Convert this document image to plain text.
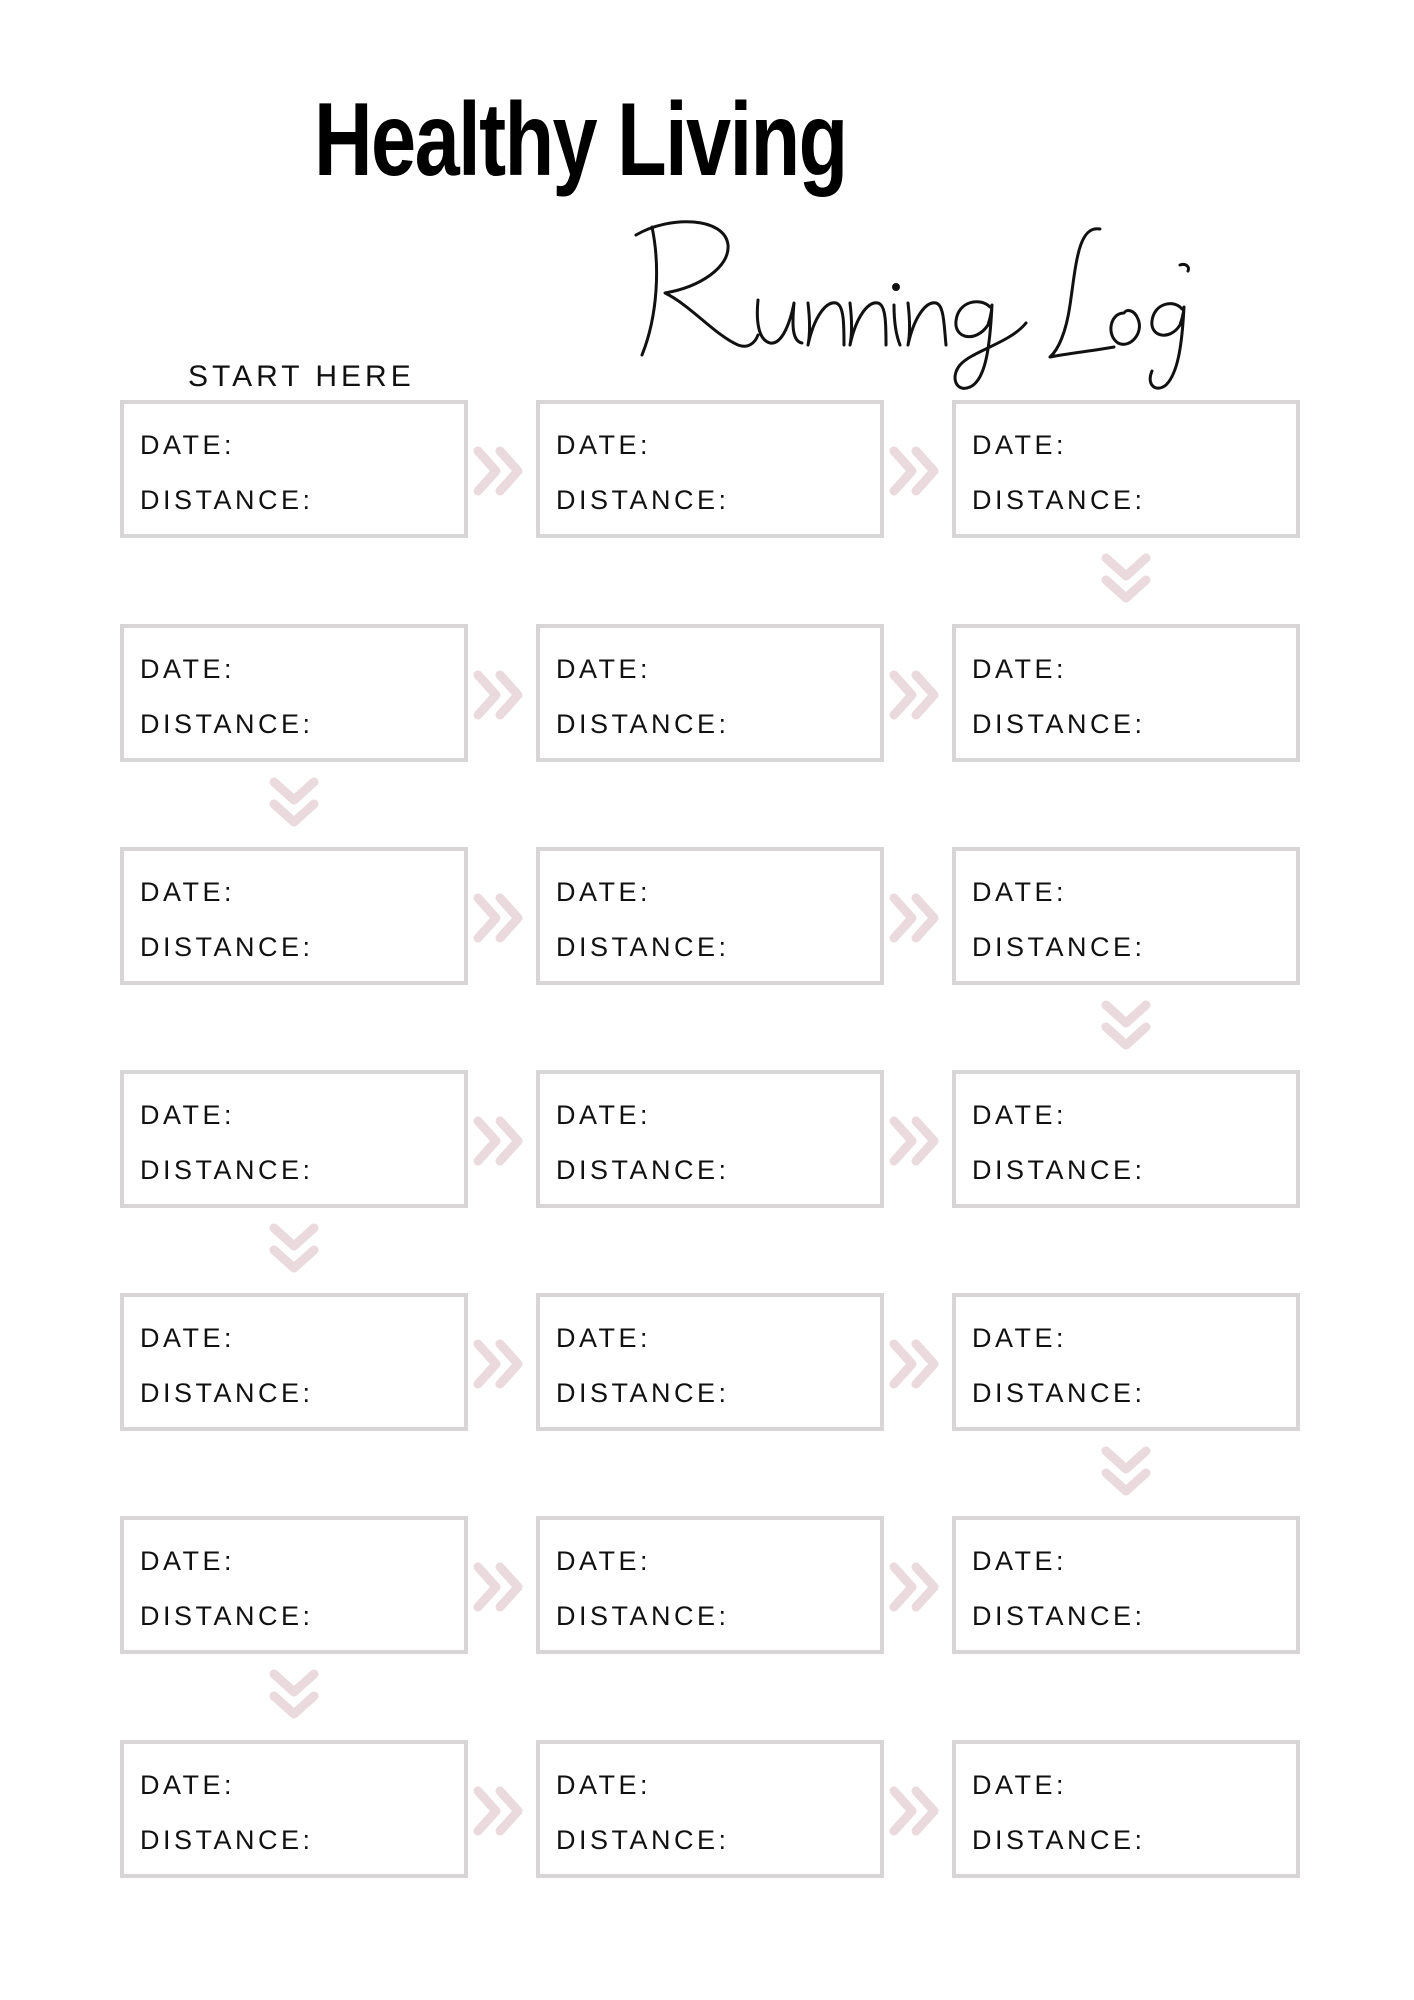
Healthy Living
START HERE
DATE:
DISTANCE:
DATE:
DISTANCE:
DATE:
DISTANCE:
DATE:
DISTANCE:
DATE:
DISTANCE:
DATE:
DISTANCE:
DATE:
DISTANCE:
DATE:
DISTANCE:
DATE:
DISTANCE:
DATE:
DISTANCE:
DATE:
DISTANCE:
DATE:
DISTANCE:
DATE:
DISTANCE:
DATE:
DISTANCE:
DATE:
DISTANCE:
DATE:
DISTANCE:
DATE:
DISTANCE:
DATE:
DISTANCE:
DATE:
DISTANCE:
DATE:
DISTANCE:
DATE:
DISTANCE:
